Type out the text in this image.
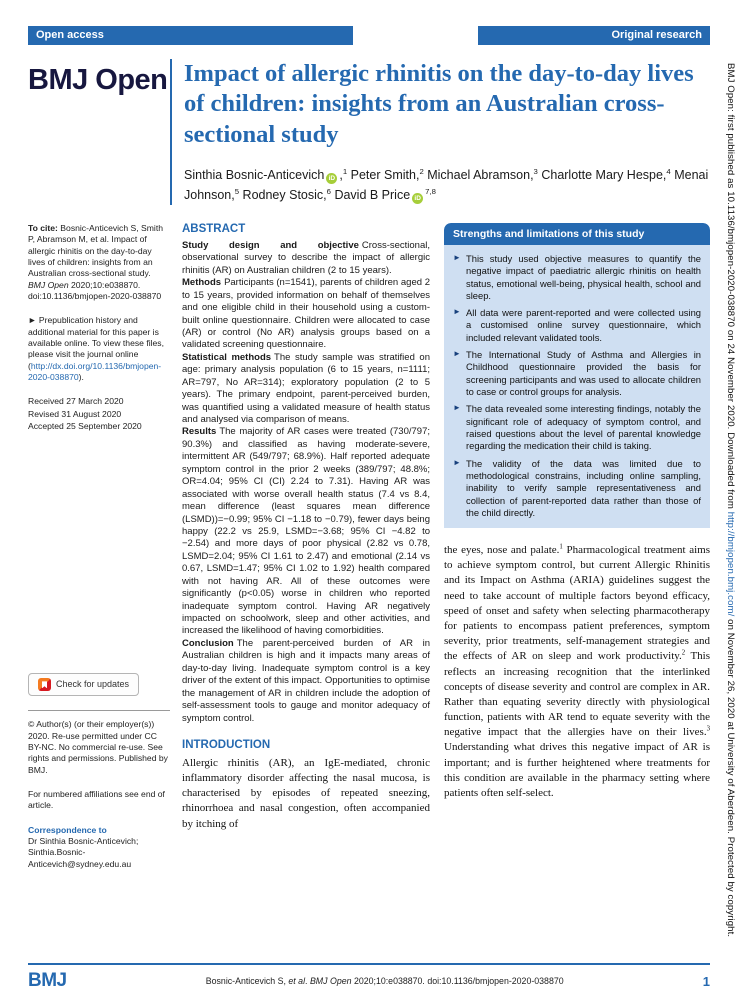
BMJ Open: first published as 10.1136/bmjopen-2020-038870 on 24 November 2020. Downloaded from http://bmjopen.bmj.com/ on November 26, 2020 at University of Aberdeen. Protected by copyright.
Open access	Original research
BMJ Open Impact of allergic rhinitis on the day-to-day lives of children: insights from an Australian cross-sectional study
Sinthia Bosnic-Anticevich iD ,$^1$ Peter Smith,$^2$ Michael Abramson,$^3$ Charlotte Mary Hespe,$^4$ Menai Johnson,$^5$ Rodney Stosic,$^6$ David B PriceiD $^{7,8}$
To cite: Bosnic-Anticevich S, Smith P, Abramson M, et al. Impact of allergic rhinitis on the day-to-day lives of children: insights from an Australian cross-sectional study. BMJ Open 2020;10:e038870. doi:10.1136/bmjopen-2020-038870
► Prepublication history and additional material for this paper is available online. To view these files, please visit the journal online (http://dx.doi.org/10.1136/bmjopen-2020-038870).
Received 27 March 2020
Revised 31 August 2020
Accepted 25 September 2020
Check for updates
© Author(s) (or their employer(s)) 2020. Re-use permitted under CC BY-NC. No commercial re-use. See rights and permissions. Published by BMJ.
For numbered affiliations see end of article.
Correspondence to
Dr Sinthia Bosnic-Anticevich; Sinthia.Bosnic-Anticevich@sydney.edu.au
ABSTRACT

Study design and objective Cross-sectional, observational survey to describe the impact of allergic rhinitis (AR) on Australian children (2 to 15 years).

Methods Participants (n=1541), parents of children aged 2 to 15 years, provided information on behalf of themselves and one eligible child in their household using a custom-built online questionnaire. Children were allocated to case (AR) or control (No AR) analysis groups based on a validated screening questionnaire.

Statistical methods The study sample was stratified on age: primary analysis population (6 to 15 years, n=1111; AR=797, No AR=314); exploratory population (2 to 5 years). The primary endpoint, parent-perceived burden, was quantified using a validated measure of health status and analysed via comparison of means.

Results The majority of AR cases were treated (730/797; 90.3%) and classified as having moderate-severe, intermittent AR (549/797; 68.9%). Half reported adequate symptom control in the prior 2 weeks (389/797; 48.8%; OR=4.04; 95% CI (CI) 2.24 to 7.31). Having AR was associated with worse overall health status (7.4 vs 8.4, mean difference (least squares mean difference (LSMD))=−0.99; 95% CI −1.18 to −0.79), fewer days being happy (22.2 vs 25.9, LSMD=−3.68; 95% CI −4.82 to −2.54) and more days of poor physical (2.82 vs 0.78, LSMD=2.04; 95% CI 1.61 to 2.47) and emotional (2.14 vs 0.67, LSMD=1.47; 95% CI 1.02 to 1.92) health compared with not having AR. All of these outcomes were significantly (p<0.05) worse in children who reported inadequate symptom control. Having AR negatively impacted on schoolwork, sleep and other activities, and increased the likelihood of having comorbidities.

Conclusion The parent-perceived burden of AR in Australian children is high and it impacts many areas of day-to-day living. Inadequate symptom control is a key driver of the extent of this impact. Opportunities to optimise the management of AR in children include the adoption of self-assessment tools to gauge and monitor adequacy of symptom control.

INTRODUCTION

Allergic rhinitis (AR), an IgE-mediated, chronic inflammatory disorder affecting the nasal mucosa, is characterised by episodes of repeated sneezing, rhinorrhoea and nasal congestion, often accompanied by itching of

Strengths and limitations of this study
► This study used objective measures to quantify the negative impact of paediatric allergic rhinitis on health status, emotional well-being, physical health, school and sleep.
► All data were parent-reported and were collected using a customised online survey questionnaire, which included relevant validated tools.
► The International Study of Asthma and Allergies in Childhood questionnaire provided the basis for screening participants and was used to allocate children to case or control groups for analysis.
► The data revealed some interesting findings, notably the significant role of adequacy of symptom control, and raised questions about the level of parental knowledge regarding the medication their child is taking.
► The validity of the data was limited due to methodological constrains, including online sampling, inability to verify sample representativeness and collection of parent-reported data rather than those of the child directly.

the eyes, nose and palate.$^1$ Pharmacological treatment aims to achieve symptom control, but current Allergic Rhinitis and its Impact on Asthma (ARIA) guidelines suggest the need to take account of multiple factors beyond efficacy, speed of onset and safety when selecting pharmacotherapy for patients to encompass patient preferences, symptom severity, prior treatments, self-management strategies and the effects of AR on sleep and work productivity.$^2$ This reflects an increasing recognition that the interlinked concepts of disease severity and control are complex in AR. Rather than equating severity directly with physiological function, patients with AR tend to equate severity with the negative impact that the allergies have on their lives.$^3$ Understanding what drives this negative impact of AR is important; and is further heightened where treatments for this condition are available in the pharmacy setting where patients often self-select.

BMJ	Bosnic-Anticevich S, et al. BMJ Open 2020;10:e038870. doi:10.1136/bmjopen-2020-038870	1
